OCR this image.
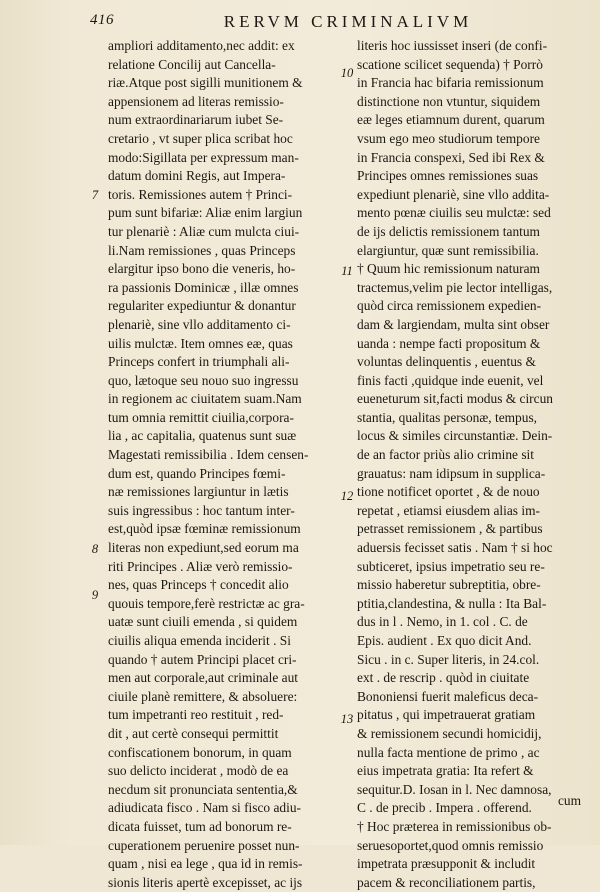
416	RERVM CRIMINALIVM
ampliori additamento,nec addit: ex
relatione Concilij aut Cancella-
riæ.Atque post sigilli munitionem &
appensionem ad literas remissio-
num extraordinariarum iubet Se-
cretario , vt super plica scribat hoc
modo:Sigillata per expressum man-
datum domini Regis, aut Impera-
toris. Remissiones autem † Princi-
pum sunt bifariæ: Aliæ enim largiun
tur plenariè : Aliæ cum mulcta ciui-
li.Nam remissiones , quas Princeps
elargitur ipso bono die veneris, ho-
ra passionis Dominicæ , illæ omnes
regulariter expediuntur & donantur
plenariè, sine vllo additamento ci-
uilis mulctæ. Item omnes eæ, quas
Princeps confert in triumphali ali-
quo, lætoque seu nouo suo ingressu
in regionem ac ciuitatem suam.Nam
tum omnia remittit ciuilia,corpora-
lia , ac capitalia, quatenus sunt suæ
Magestati remissibilia . Idem censen-
dum est, quando Principes fœmi-
næ remissiones largiuntur in lætis
suis ingressibus : hoc tantum inter-
est,quòd ipsæ fœminæ remissionum
literas non expediunt,sed eorum ma
riti Principes . Aliæ verò remissio-
nes, quas Princeps † concedit alio
quouis tempore,ferè restrictæ ac gra-
uatæ sunt ciuili emenda , si quidem
ciuilis aliqua emenda inciderit . Si
quando † autem Principi placet cri-
men aut corporale,aut criminale aut
ciuile planè remittere, & absoluere:
tum impetranti reo restituit , red-
dit , aut certè consequi permittit
confiscationem bonorum, in quam
suo delicto inciderat , modò de ea
necdum sit pronunciata sententia,&
adiudicata fisco . Nam si fisco adiu-
dicata fuisset, tum ad bonorum re-
cuperationem peruenire posset nun-
quam , nisi ea lege , qua id in remis-
sionis literis apertè excepisset, ac ijs
literis hoc iussisset inseri (de confi-
scatione scilicet sequenda) † Porrò
in Francia hac bifaria remissionum
distinctione non vtuntur, siquidem
eæ leges etiamnum durent, quarum
vsum ego meo studiorum tempore
in Francia conspexi, Sed ibi Rex &
Principes omnes remissiones suas
expediunt plenariè, sine vllo addita-
mento pœnæ ciuilis seu mulctæ: sed
de ijs delictis remissionem tantum
elargiuntur, quæ sunt remissibilia.
† Quum hic remissionum naturam
tractemus,velim pie lector intelligas,
quòd circa remissionem expedien-
dam & largiendam, multa sint obser
uanda : nempe facti propositum &
voluntas delinquentis , euentus &
finis facti ,quidque inde euenit, vel
eueneturum sit,facti modus & circun
stantia, qualitas personæ, tempus,
locus & similes circunstantiæ. Dein-
de an factor priùs alio crimine sit
grauatus: nam idipsum in supplica-
tione notificet oportet , & de nouo
repetat , etiamsi eiusdem alias im-
petrasset remissionem , & partibus
aduersis fecisset satis . Nam † si hoc
subticeret, ipsius impetratio seu re-
missio haberetur subreptitia, obre-
ptitia,clandestina, & nulla : Ita Bal-
dus in l . Nemo, in 1. col . C. de
Epis. audient . Ex quo dicit And.
Sicu . in c. Super literis, in 24.col.
ext . de rescrip . quòd in ciuitate
Bononiensi fuerit maleficus deca-
pitatus , qui impetrauerat gratiam
& remissionem secundi homicidij,
nulla facta mentione de primo , ac
eius impetrata gratia: Ita refert &
sequitur.D. Iosan in l. Nec damnosa,
C . de precib . Impera . offerend.
† Hoc præterea in remissionibus ob-
seruesoportet,quod omnis remissio
impetrata præsupponit & includit
pacem & reconciliationem partis,
7
8
9
10
11
12
13
cum
